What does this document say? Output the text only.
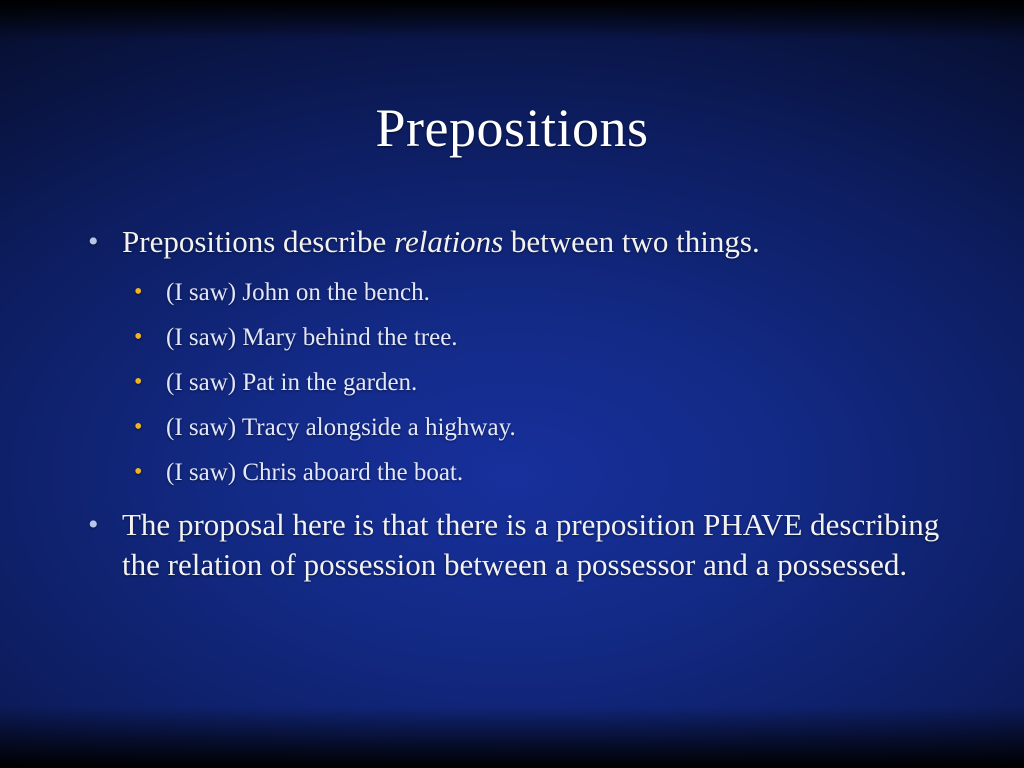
Prepositions
• Prepositions describe relations between two things.
• (I saw) John on the bench.
• (I saw) Mary behind the tree.
• (I saw) Pat in the garden.
• (I saw) Tracy alongside a highway.
• (I saw) Chris aboard the boat.
• The proposal here is that there is a preposition PHAVE describing the relation of possession between a possessor and a possessed.
